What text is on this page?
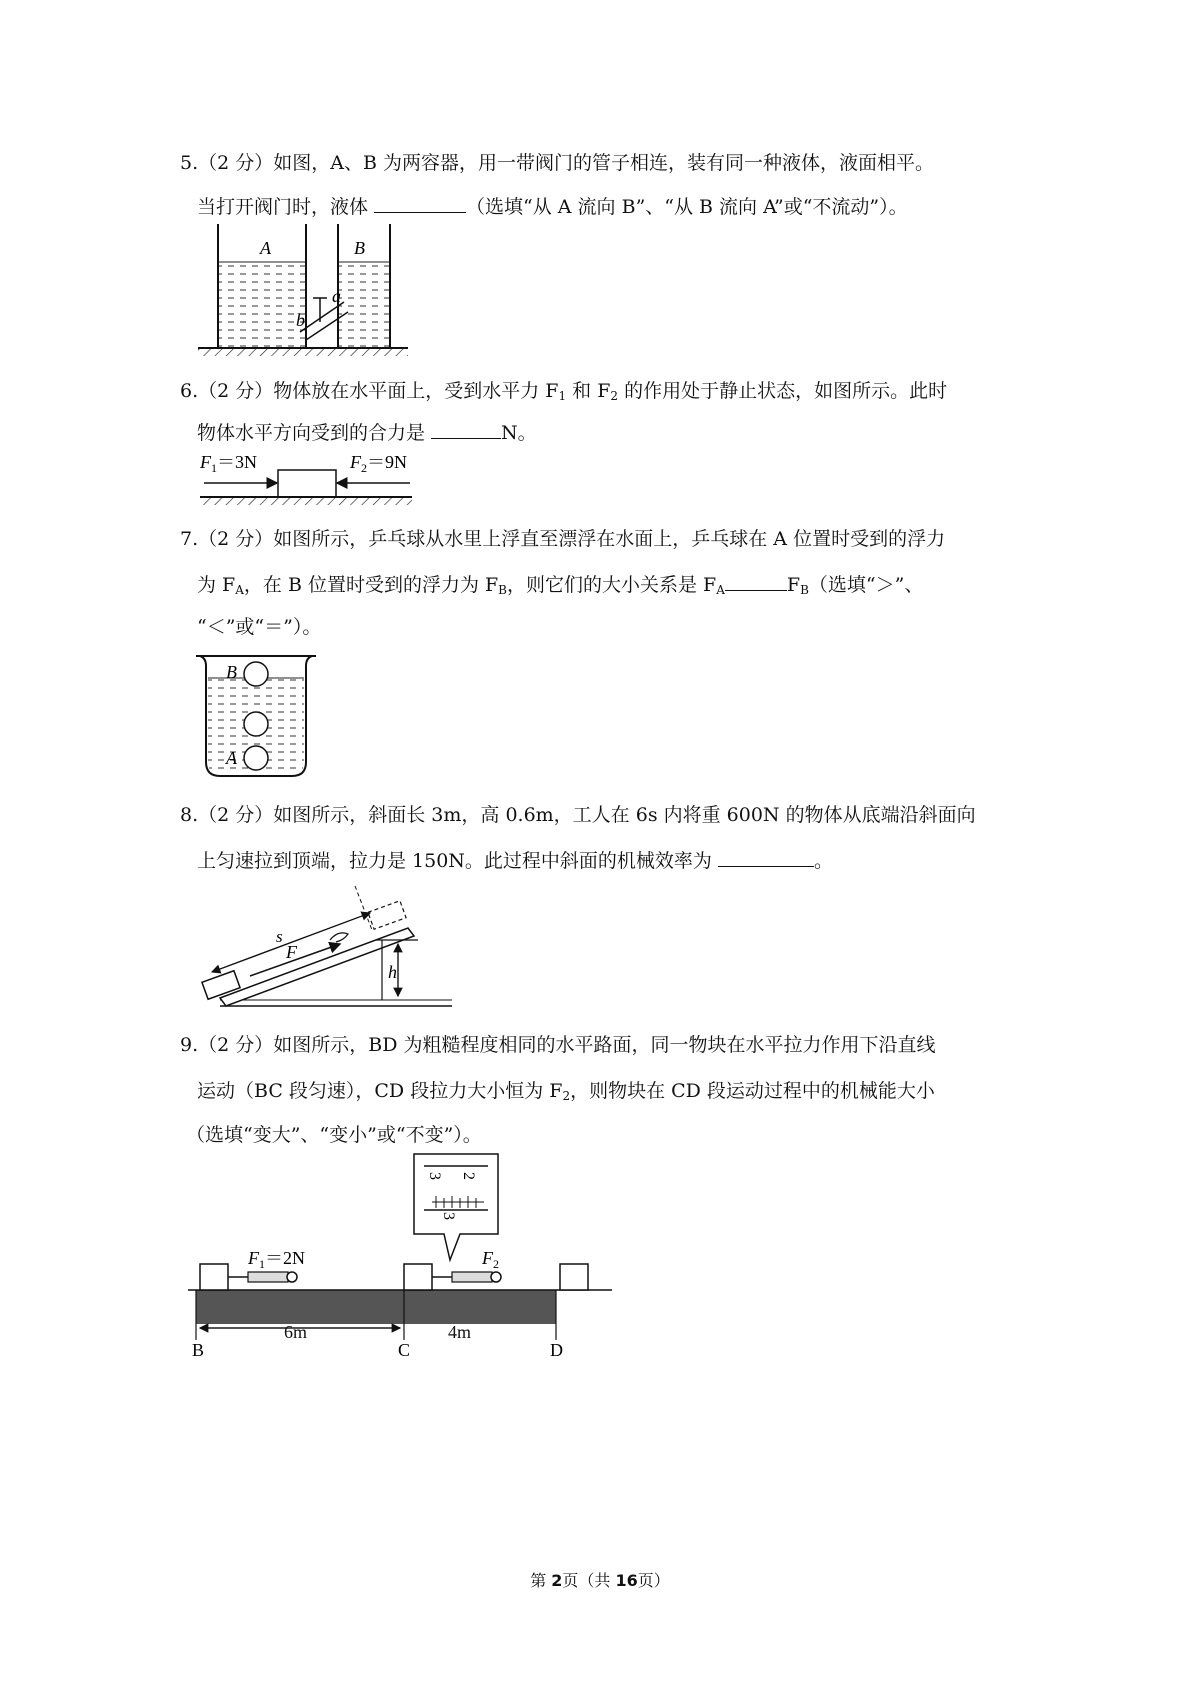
5.（2 分）如图，A、B 为两容器，用一带阀门的管子相连，装有同一种液体，液面相平。
当打开阀门时，液体	（选填“从 A 流向 B”、“从 B 流向 A”或“不流动”）。
A	B
a
b
6.（2 分）物体放在水平面上，受到水平力 $F_1$ 和 $F_2$ 的作用处于静止状态，如图所示。此时
物体水平方向受到的合力是	N。
$F_1=3N$	$F_2=9N$
7.（2 分）如图所示，乒乓球从水里上浮直至漂浮在水面上，乒乓球在 A 位置时受到的浮力
为 $F_A$，在 B 位置时受到的浮力为 $F_B$，则它们的大小关系是 $F_A$	$F_B$（选填“＞”、
“＜”或“＝”）。
B
A
8.（2 分）如图所示，斜面长 3m，高 0.6m，工人在 6s 内将重 600N 的物体从底端沿斜面向
上匀速拉到顶端，拉力是 150N。此过程中斜面的机械效率为	。
s
F
h
9.（2 分）如图所示，BD 为粗糙程度相同的水平路面，同一物块在水平拉力作用下沿直线
运动（BC 段匀速），CD 段拉力大小恒为 $F_2$，则物块在 CD 段运动过程中的机械能大小
（选填“变大”、“变小”或“不变”）。
3 2
3
$F_1=2N$	$F_2$
6m	4m
B	C	D
第 2页（共 16页）
